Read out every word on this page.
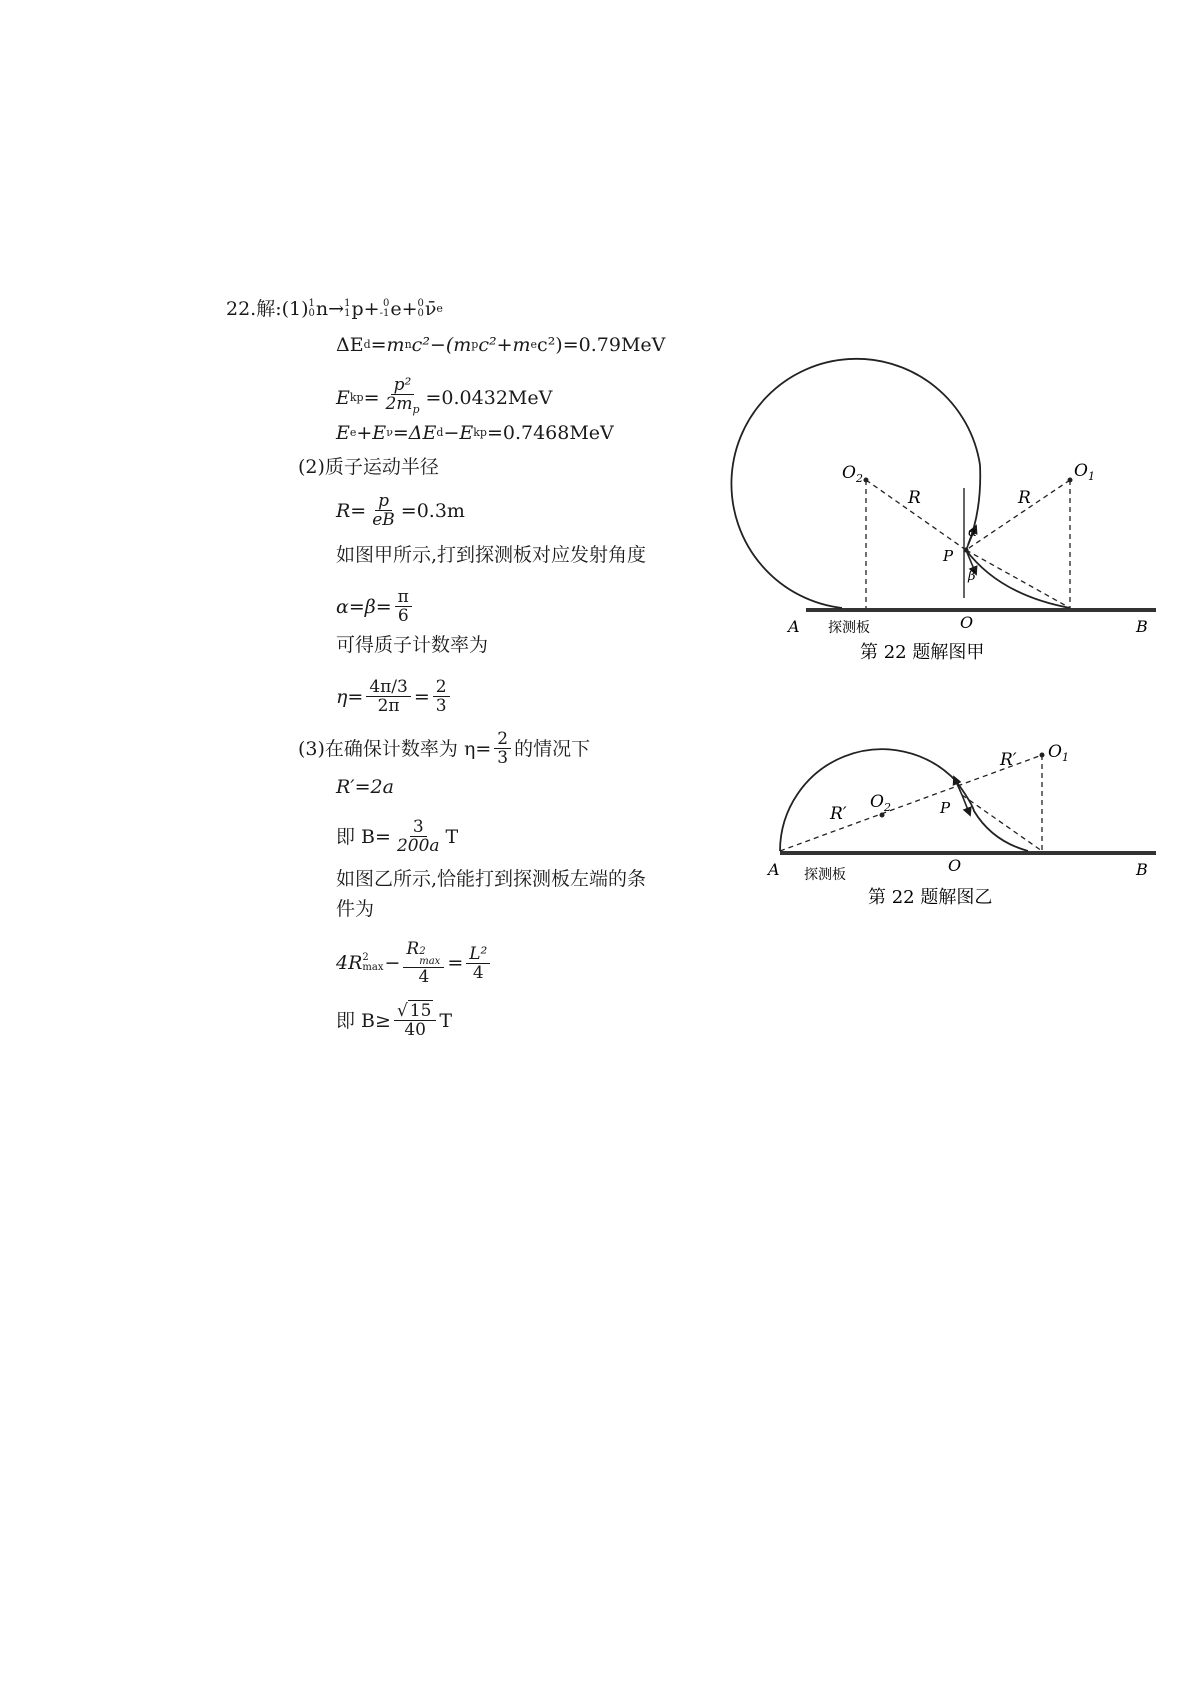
22. 解: (1) 1
0 n → 1
1 p + 0
-1 e + 0
0 ν̄ e
ΔE d =m n c²−(m p c²+m e c²)=0.79MeV
E kp = $\frac{\text{p²}}{2m_p} =0.0432MeV$
E e +E ν =ΔE d −E kp =0.7468MeV
(2)质子运动半径
$R= \frac{p}{eB} =0.3m$
如图甲所示,打到探测板对应发射角度
$\alpha=\beta= \frac{\pi}{6}$
可得质子计数率为
$\eta= \frac{4\pi/3}{2\pi} = \frac{2}{3}$
(3)在确保计数率为 $\eta= \frac{2}{3}$ 的情况下
R′=2a
即 $B= \frac{3}{200a}$ T
如图乙所示,恰能打到探测板左端的条
件为
4R 2
max − R 2
max
$4 = \frac{\text{L²}}{4}$
即 $B\ge \frac{√ 15}{40}$ T
$O_2$	$O_1$
R	R
P
α
β
A 探测板	O	B
第 22 题解图甲
$O_2$
$O_1$
R′
R′
P
A 探测板	O	B
第 22 题解图乙
